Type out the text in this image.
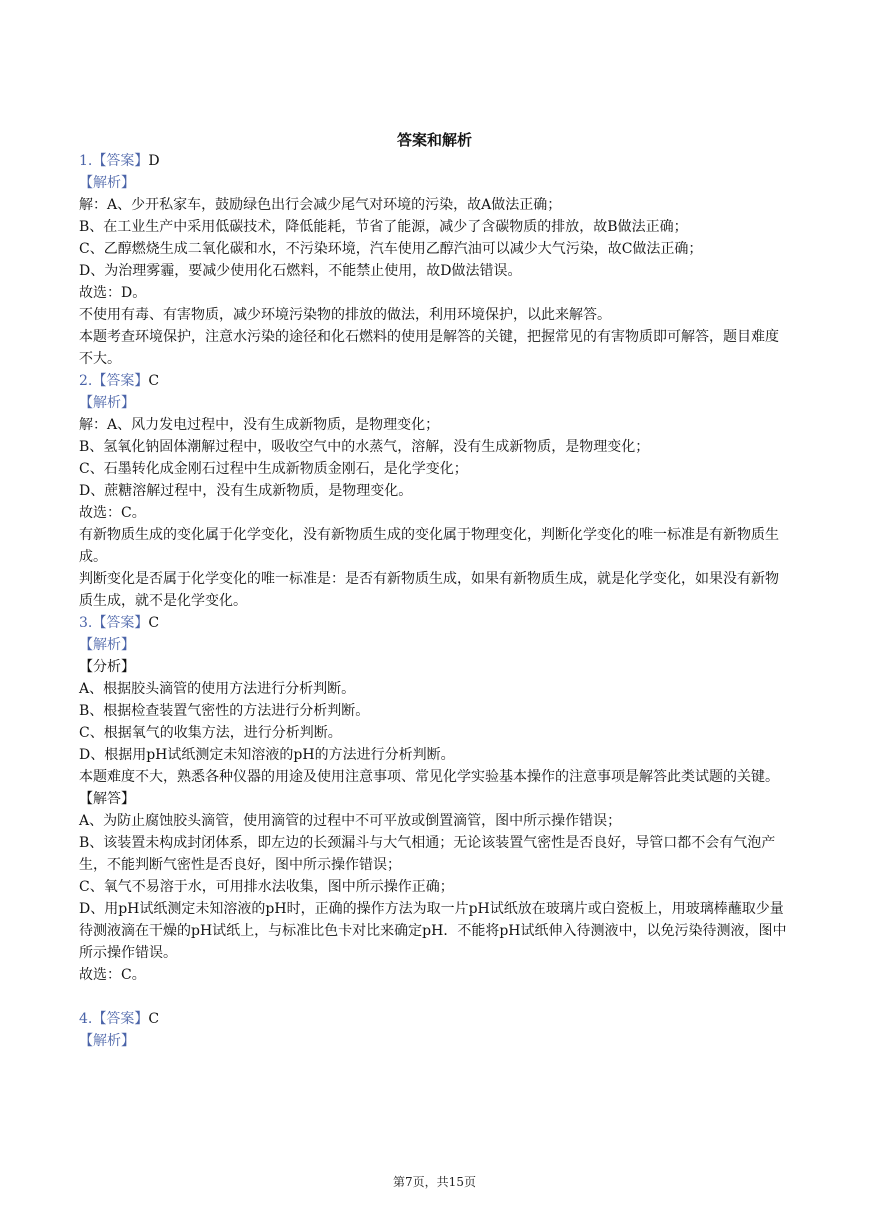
答案和解析
1.【答案】D
【解析】
解：A、少开私家车，鼓励绿色出行会减少尾气对环境的污染，故A做法正确；
B、在工业生产中采用低碳技术，降低能耗，节省了能源，减少了含碳物质的排放，故B做法正确；
C、乙醇燃烧生成二氧化碳和水，不污染环境，汽车使用乙醇汽油可以减少大气污染，故C做法正确；
D、为治理雾霾，要减少使用化石燃料，不能禁止使用，故D做法错误。
故选：D。
不使用有毒、有害物质，减少环境污染物的排放的做法，利用环境保护，以此来解答。
本题考查环境保护，注意水污染的途径和化石燃料的使用是解答的关键，把握常见的有害物质即可解答，题目难度不大。
2.【答案】C
【解析】
解：A、风力发电过程中，没有生成新物质，是物理变化；
B、氢氧化钠固体潮解过程中，吸收空气中的水蒸气，溶解，没有生成新物质，是物理变化；
C、石墨转化成金刚石过程中生成新物质金刚石，是化学变化；
D、蔗糖溶解过程中，没有生成新物质，是物理变化。
故选：C。
有新物质生成的变化属于化学变化，没有新物质生成的变化属于物理变化，判断化学变化的唯一标准是有新物质生成。
判断变化是否属于化学变化的唯一标准是：是否有新物质生成，如果有新物质生成，就是化学变化，如果没有新物质生成，就不是化学变化。
3.【答案】C
【解析】
【分析】
A、根据胶头滴管的使用方法进行分析判断。
B、根据检查装置气密性的方法进行分析判断。
C、根据氧气的收集方法，进行分析判断。
D、根据用pH试纸测定未知溶液的pH的方法进行分析判断。
本题难度不大，熟悉各种仪器的用途及使用注意事项、常见化学实验基本操作的注意事项是解答此类试题的关键。
【解答】
A、为防止腐蚀胶头滴管，使用滴管的过程中不可平放或倒置滴管，图中所示操作错误；
B、该装置未构成封闭体系，即左边的长颈漏斗与大气相通；无论该装置气密性是否良好，导管口都不会有气泡产生，不能判断气密性是否良好，图中所示操作错误；
C、氧气不易溶于水，可用排水法收集，图中所示操作正确；
D、用pH试纸测定未知溶液的pH时，正确的操作方法为取一片pH试纸放在玻璃片或白瓷板上，用玻璃棒蘸取少量待测液滴在干燥的pH试纸上，与标准比色卡对比来确定pH．不能将pH试纸伸入待测液中，以免污染待测液，图中所示操作错误。
故选：C。
4.【答案】C
【解析】
第7页，共15页
